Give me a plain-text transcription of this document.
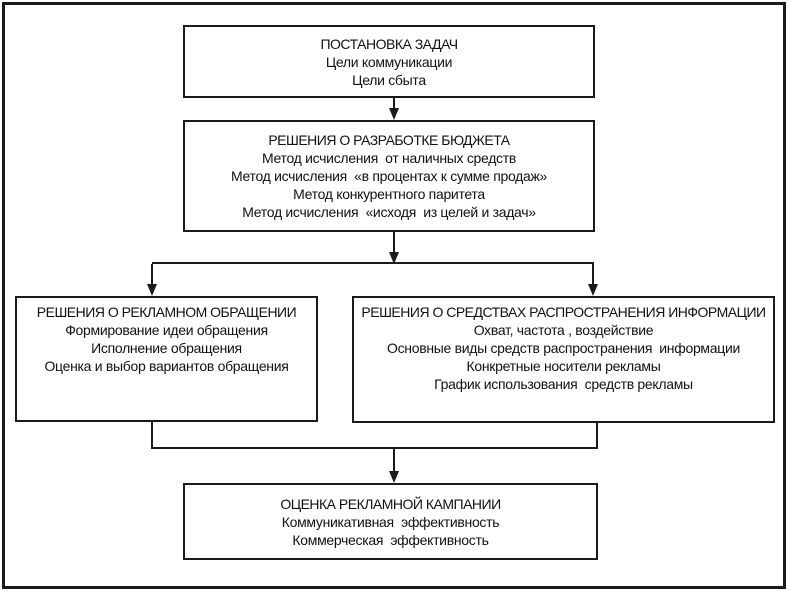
ПОСТАНОВКА ЗАДАЧ
Цели коммуникации
Цели сбыта
РЕШЕНИЯ О РАЗРАБОТКЕ БЮДЖЕТА
Метод исчисления  от наличных средств
Метод исчисления  «в процентах к сумме продаж»
Метод конкурентного паритета
Метод исчисления  «исходя  из целей и задач»
РЕШЕНИЯ О РЕКЛАМНОМ ОБРАЩЕНИИ
Формирование идеи обращения
Исполнение обращения
Оценка и выбор вариантов обращения
РЕШЕНИЯ О СРЕДСТВАХ РАСПРОСТРАНЕНИЯ ИНФОРМАЦИИ
Охват, частота , воздействие
Основные виды средств распространения  информации
Конкретные носители рекламы
График использования  средств рекламы
ОЦЕНКА РЕКЛАМНОЙ КАМПАНИИ
Коммуникативная  эффективность
Коммерческая  эффективность
